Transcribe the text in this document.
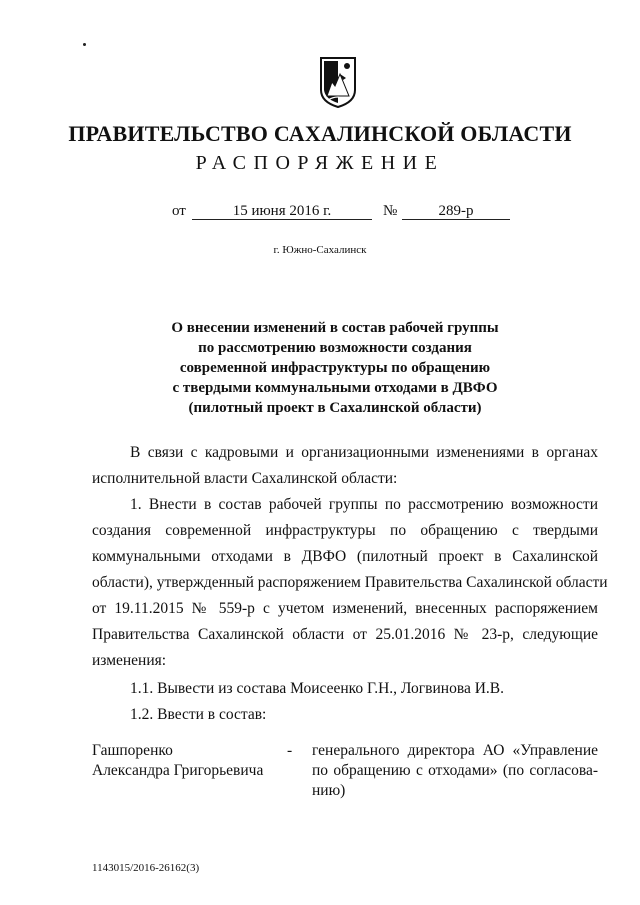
ПРАВИТЕЛЬСТВО САХАЛИНСКОЙ ОБЛАСТИ
РАСПОРЯЖЕНИЕ
от	15 июня 2016 г.	№	289-р
г. Южно-Сахалинск
О внесении изменений в состав рабочей группы
по рассмотрению возможности создания
современной инфраструктуры по обращению
с твердыми коммунальными отходами в ДВФО
(пилотный проект в Сахалинской области)
В связи с кадровыми и организационными изменениями в органах
исполнительной власти Сахалинской области:
1. Внести в состав рабочей группы по рассмотрению возможности
создания современной инфраструктуры по обращению с твердыми
коммунальными отходами в ДВФО (пилотный проект в Сахалинской
области), утвержденный распоряжением Правительства Сахалинской области
от 19.11.2015 № 559-р с учетом изменений, внесенных распоряжением
Правительства Сахалинской области от 25.01.2016 № 23-р, следующие
изменения:
1.1. Вывести из состава Моисеенко Г.Н., Логвинова И.В.
1.2. Ввести в состав:
Гашпоренко
Александра Григорьевича
- генерального директора АО «Управление
по обращению с отходами» (по согласова-
нию)
1143015/2016-26162(3)
